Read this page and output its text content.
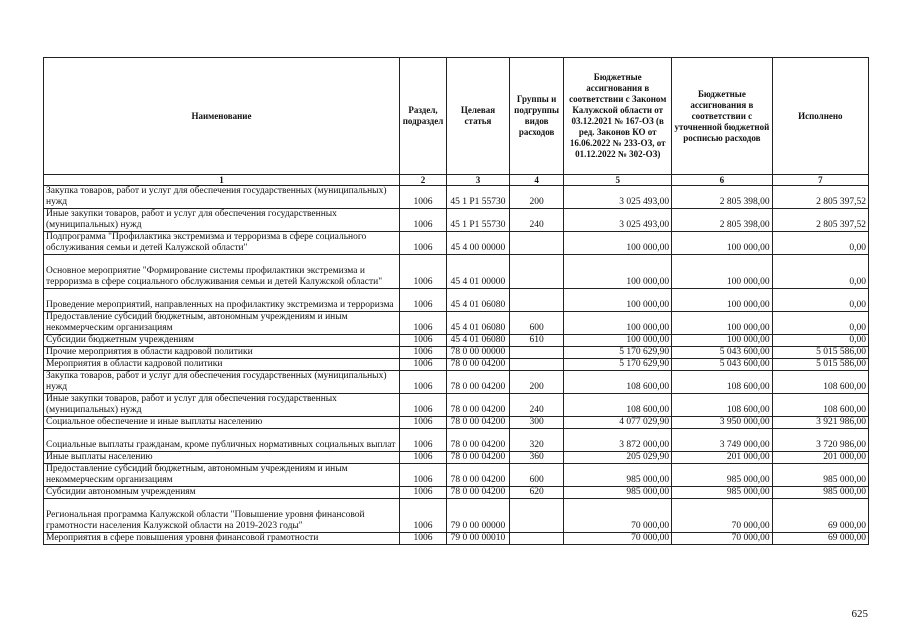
Наименование	Раздел, подраздел	Целевая статья	Группы и подгруппы видов расходов	Бюджетные ассигнования в соответствии с Законом Калужской области от 03.12.2021 № 167-ОЗ (в ред. Законов КО от 16.06.2022 № 233-ОЗ, от 01.12.2022 № 302-ОЗ)	Бюджетные ассигнования в соответствии с уточненной бюджетной росписью расходов	Исполнено
1	2	3	4	5	6	7
Закупка товаров, работ и услуг для обеспечения государственных (муниципальных) нужд	1006	45 1 Р1 55730	200	3 025 493,00	2 805 398,00	2 805 397,52
Иные закупки товаров, работ и услуг для обеспечения государственных (муниципальных) нужд	1006	45 1 Р1 55730	240	3 025 493,00	2 805 398,00	2 805 397,52
Подпрограмма "Профилактика экстремизма и терроризма в сфере социального обслуживания семьи и детей Калужской области"	1006	45 4 00 00000		100 000,00	100 000,00	0,00
Основное мероприятие "Формирование системы профилактики экстремизма и терроризма в сфере социального обслуживания семьи и детей Калужской области"	1006	45 4 01 00000		100 000,00	100 000,00	0,00
Проведение мероприятий, направленных на профилактику экстремизма и терроризма	1006	45 4 01 06080		100 000,00	100 000,00	0,00
Предоставление субсидий бюджетным, автономным учреждениям и иным некоммерческим организациям	1006	45 4 01 06080	600	100 000,00	100 000,00	0,00
Субсидии бюджетным учреждениям	1006	45 4 01 06080	610	100 000,00	100 000,00	0,00
Прочие мероприятия в области кадровой политики	1006	78 0 00 00000		5 170 629,90	5 043 600,00	5 015 586,00
Мероприятия в области кадровой политики	1006	78 0 00 04200		5 170 629,90	5 043 600,00	5 015 586,00
Закупка товаров, работ и услуг для обеспечения государственных (муниципальных) нужд	1006	78 0 00 04200	200	108 600,00	108 600,00	108 600,00
Иные закупки товаров, работ и услуг для обеспечения государственных (муниципальных) нужд	1006	78 0 00 04200	240	108 600,00	108 600,00	108 600,00
Социальное обеспечение и иные выплаты населению	1006	78 0 00 04200	300	4 077 029,90	3 950 000,00	3 921 986,00
Социальные выплаты гражданам, кроме публичных нормативных социальных выплат	1006	78 0 00 04200	320	3 872 000,00	3 749 000,00	3 720 986,00
Иные выплаты населению	1006	78 0 00 04200	360	205 029,90	201 000,00	201 000,00
Предоставление субсидий бюджетным, автономным учреждениям и иным некоммерческим организациям	1006	78 0 00 04200	600	985 000,00	985 000,00	985 000,00
Субсидии автономным учреждениям	1006	78 0 00 04200	620	985 000,00	985 000,00	985 000,00
Региональная программа Калужской области "Повышение уровня финансовой грамотности населения Калужской области на 2019-2023 годы"	1006	79 0 00 00000		70 000,00	70 000,00	69 000,00
Мероприятия в сфере повышения уровня финансовой грамотности	1006	79 0 00 00010		70 000,00	70 000,00	69 000,00
625
